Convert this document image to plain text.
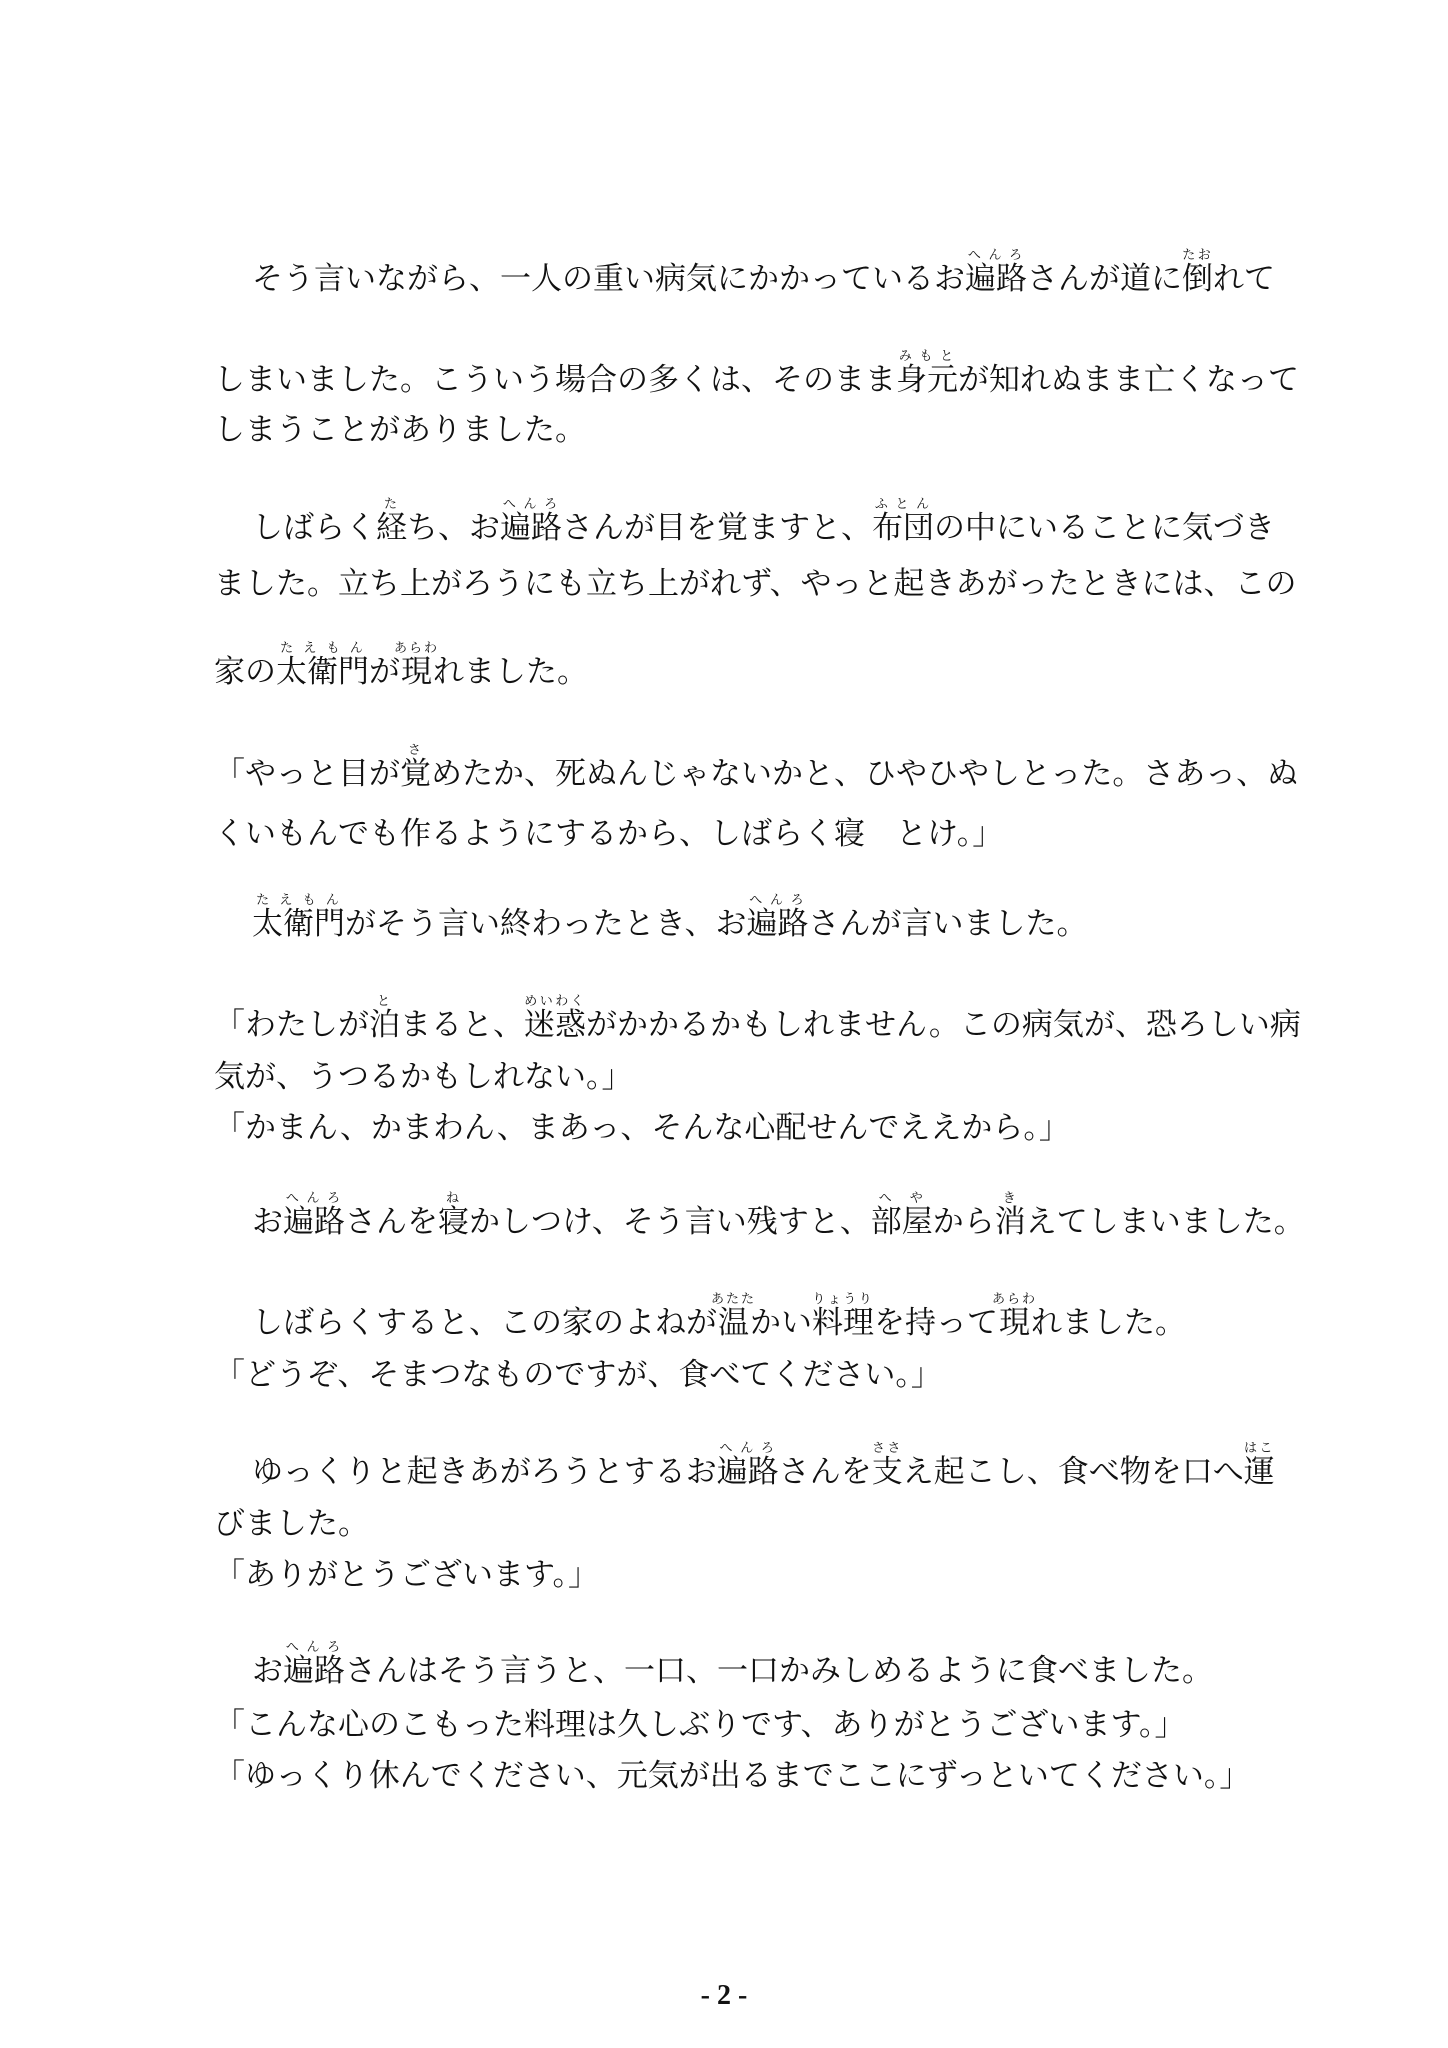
そう言いながら、一人の重い病気にかかっているお遍路へんろさんが道に倒たおれて
しまいました。こういう場合の多くは、そのまま身元みもとが知れぬまま亡くなって
しまうことがありました。
しばらく経たち、お遍路へんろさんが目を覚ますと、布団ふとんの中にいることに気づき
ました。立ち上がろうにも立ち上がれず、やっと起きあがったときには、この
家の太衛門たえもんが現あらわれました。
「やっと目が覚さめたか、死ぬんじゃないかと、ひやひやしとった。さあっ、ぬ
くいもんでも作るようにするから、しばらく寝　とけ。」
太衛門たえもんがそう言い終わったとき、お遍路へんろさんが言いました。
「わたしが泊とまると、迷惑めいわくがかかるかもしれません。この病気が、恐ろしい病
気が、うつるかもしれない。」
「かまん、かまわん、まあっ、そんな心配せんでええから。」
お遍路へんろさんを寝ねかしつけ、そう言い残すと、部屋へやから消きえてしまいました。
しばらくすると、この家のよねが温あたたかい料理りょうりを持って現あらわれました。
「どうぞ、そまつなものですが、食べてください。」
ゆっくりと起きあがろうとするお遍路へんろさんを支ささえ起こし、食べ物を口へ運はこ
びました。
「ありがとうございます。」
お遍路へんろさんはそう言うと、一口、一口かみしめるように食べました。
「こんな心のこもった料理は久しぶりです、ありがとうございます。」
「ゆっくり休んでください、元気が出るまでここにずっといてください。」
- 2 -
